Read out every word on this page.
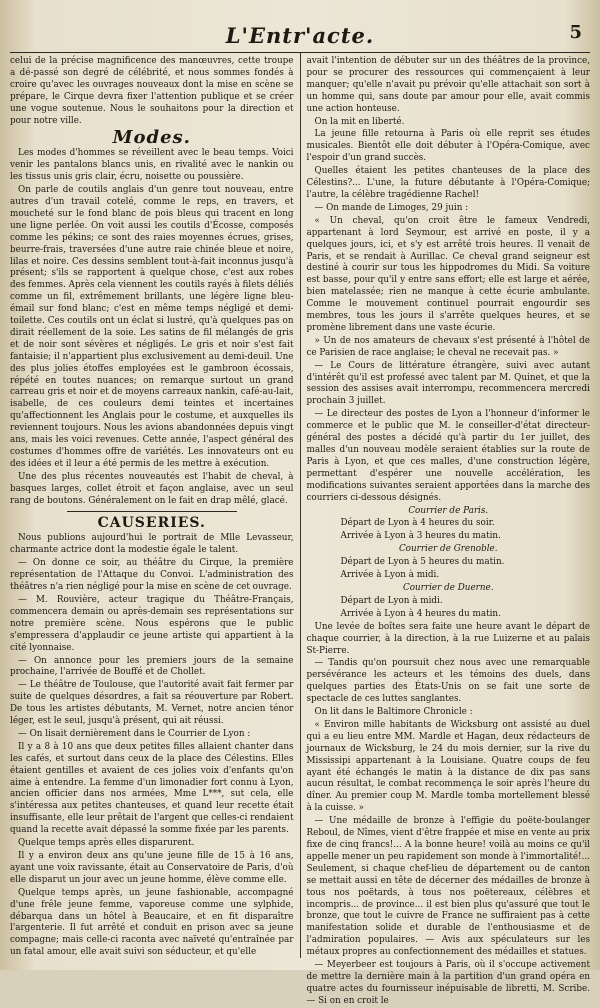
L'Entr'acte.	5

celui de la précise magnificence des manœuvres, cette troupe a dé-passé son degré de célébrité, et nous sommes fondés à croire qu'avec les ouvrages nouveaux dont la mise en scène se prépare, le Cirque devra fixer l'attention publique et se créer une vogue soutenue. Nous le souhaitons pour la direction et pour notre ville.

Modes.

Les modes d'hommes se réveillent avec le beau temps. Voici venir les pantalons blancs unis, en rivalité avec le nankin ou les tissus unis gris clair, écru, noisette ou poussière.

On parle de coutils anglais d'un genre tout nouveau, entre autres d'un travail cotelé, comme le reps, en travers, et moucheté sur le fond blanc de pois bleus qui tracent en long une ligne perlée. On voit aussi les coutils d'Écosse, composés comme les pékins; ce sont des raies moyennes écrues, grises, beurre-frais, traversées d'une autre raie chinée bleue et noire, lilas et noire. Ces dessins semblent tout-à-fait inconnus jusqu'à présent; s'ils se rapportent à quelque chose, c'est aux robes des femmes. Après cela viennent les coutils rayés à filets déliés comme un fil, extrêmement brillants, une légère ligne bleu-émail sur fond blanc; c'est en même temps négligé et demi-toilette. Ces coutils ont un éclat si lustré, qu'à quelques pas on dirait réellement de la soie. Les satins de fil mélangés de gris et de noir sont sévères et négligés. Le gris et noir s'est fait fantaisie; il n'appartient plus exclusivement au demi-deuil. Une des plus jolies étoffes employées est le gambroon écossais, répété en toutes nuances; on remarque surtout un grand carreau gris et noir et de moyens carreaux nankin, café-au-lait, isabelle, de ces couleurs demi teintes et incertaines qu'affectionnent les Anglais pour le costume, et auxquelles ils reviennent toujours. Nous les avions abandonnées depuis vingt ans, mais les voici revenues. Cette année, l'aspect général des costumes d'hommes offre de variétés. Les innovateurs ont eu des idées et il leur a été permis de les mettre à exécution.

Une des plus récentes nouveautés est l'habit de cheval, à basques larges, collet étroit et façon anglaise, avec un seul rang de boutons. Généralement on le fait en drap mêlé, glacé.

CAUSERIES.

Nous publions aujourd'hui le portrait de Mlle Levasseur, charmante actrice dont la modestie égale le talent.

— On donne ce soir, au théâtre du Cirque, la première représentation de l'Attaque du Convoi. L'administration des théâtres n'a rien négligé pour la mise en scène de cet ouvrage.

— M. Rouvière, acteur tragique du Théâtre-Français, commencera demain ou après-demain ses représentations sur notre première scène. Nous espérons que le public s'empressera d'applaudir ce jeune artiste qui appartient à la cité lyonnaise.

— On annonce pour les premiers jours de la semaine prochaine, l'arrivée de Bouffé et de Chollet.

— Le théâtre de Toulouse, que l'autorité avait fait fermer par suite de quelques désordres, a fait sa réouverture par Robert. De tous les artistes débutants, M. Vernet, notre ancien ténor léger, est le seul, jusqu'à présent, qui ait réussi.

— On lisait dernièrement dans le Courrier de Lyon :

Il y a 8 à 10 ans que deux petites filles allaient chanter dans les cafés, et surtout dans ceux de la place des Célestins. Elles étaient gentilles et avaient de ces jolies voix d'enfants qu'on aime à entendre. La femme d'un limonadier fort connu à Lyon, ancien officier dans nos armées, Mme L***, sut cela, elle s'intéressa aux petites chanteuses, et quand leur recette était insuffisante, elle leur prêtait de l'argent que celles-ci rendaient quand la recette avait dépassé la somme fixée par les parents.

Quelque temps après elles disparurent.

Il y a environ deux ans qu'une jeune fille de 15 à 16 ans, ayant une voix ravissante, était au Conservatoire de Paris, d'où elle disparut un jour avec un jeune homme, élève comme elle.

Quelque temps après, un jeune fashionable, accompagné d'une frêle jeune femme, vaporeuse comme une sylphide, débarqua dans un hôtel à Beaucaire, et en fit disparaître l'argenterie. Il fut arrêté et conduit en prison avec sa jeune compagne; mais celle-ci raconta avec naïveté qu'entraînée par un fatal amour, elle avait suivi son séducteur, et qu'elle

avait l'intention de débuter sur un des théâtres de la province, pour se procurer des ressources qui commençaient à leur manquer; qu'elle n'avait pu prévoir qu'elle attachait son sort à un homme qui, sans doute par amour pour elle, avait commis une action honteuse.

On la mit en liberté.

La jeune fille retourna à Paris où elle reprit ses études musicales. Bientôt elle doit débuter à l'Opéra-Comique, avec l'espoir d'un grand succès.

Quelles étaient les petites chanteuses de la place des Célestins?... L'une, la future débutante à l'Opéra-Comique; l'autre, la célèbre tragédienne Rachel!

— On mande de Limoges, 29 juin :

« Un cheval, qu'on croit être le fameux Vendredi, appartenant à lord Seymour, est arrivé en poste, il y a quelques jours, ici, et s'y est arrêté trois heures. Il venait de Paris, et se rendait à Aurillac. Ce cheval grand seigneur est destiné à courir sur tous les hippodromes du Midi. Sa voiture est basse, pour qu'il y entre sans effort; elle est large et aérée, bien matelassée; rien ne manque à cette écurie ambulante. Comme le mouvement continuel pourrait engourdir ses membres, tous les jours il s'arrête quelques heures, et se promène librement dans une vaste écurie.

» Un de nos amateurs de chevaux s'est présenté à l'hôtel de ce Parisien de race anglaise; le cheval ne recevait pas. »

— Le Cours de littérature étrangère, suivi avec autant d'intérêt qu'il est professé avec talent par M. Quinet, et que la session des assises avait interrompu, recommencera mercredi prochain 3 juillet.

— Le directeur des postes de Lyon a l'honneur d'informer le commerce et le public que M. le conseiller-d'état directeur-général des postes a décidé qu'à partir du 1er juillet, des malles d'un nouveau modèle seraient établies sur la route de Paris à Lyon, et que ces malles, d'une construction légère, permettant d'espérer une nouvelle accélération, les modifications suivantes seraient apportées dans la marche des courriers ci-dessous désignés.

Courrier de Paris.

Départ de Lyon à 4 heures du soir.

Arrivée à Lyon à 3 heures du matin.

Courrier de Grenoble.

Départ de Lyon à 5 heures du matin.

Arrivée à Lyon à midi.

Courrier de Duerne.

Départ de Lyon à midi.

Arrivée à Lyon à 4 heures du matin.

Une levée de boîtes sera faite une heure avant le départ de chaque courrier, à la direction, à la rue Luizerne et au palais St-Pierre.

— Tandis qu'on poursuit chez nous avec une remarquable persévérance les acteurs et les témoins des duels, dans quelques parties des États-Unis on se fait une sorte de spectacle de ces luttes sanglantes.

On lit dans le Baltimore Chronicle :

« Environ mille habitants de Wicksburg ont assisté au duel qui a eu lieu entre MM. Mardle et Hagan, deux rédacteurs de journaux de Wicksburg, le 24 du mois dernier, sur la rive du Mississipi appartenant à la Louisiane. Quatre coups de feu ayant été échangés le matin à la distance de dix pas sans aucun résultat, le combat recommença le soir après l'heure du dîner. Au premier coup M. Mardle tomba mortellement blessé à la cuisse. »

— Une médaille de bronze à l'effigie du poëte-boulanger Reboul, de Nîmes, vient d'être frappée et mise en vente au prix fixe de cinq francs!... A la bonne heure! voilà au moins ce qu'il appelle mener un peu rapidement son monde à l'immortalité!... Seulement, si chaque chef-lieu de département ou de canton se mettait aussi en tête de décerner des médailles de bronze à tous nos poëtards, à tous nos poëtereaux, célèbres et incompris... de province... il est bien plus qu'assuré que tout le bronze, que tout le cuivre de France ne suffiraient pas à cette manifestation solide et durable de l'enthousiasme et de l'admiration populaires. — Avis aux spéculateurs sur les métaux propres au confectionnement des médailles et statues.

— Meyerbeer est toujours à Paris, où il s'occupe activement de mettre la dernière main à la partition d'un grand opéra en quatre actes du fournisseur inépuisable de libretti, M. Scribe. — Si on en croit le
